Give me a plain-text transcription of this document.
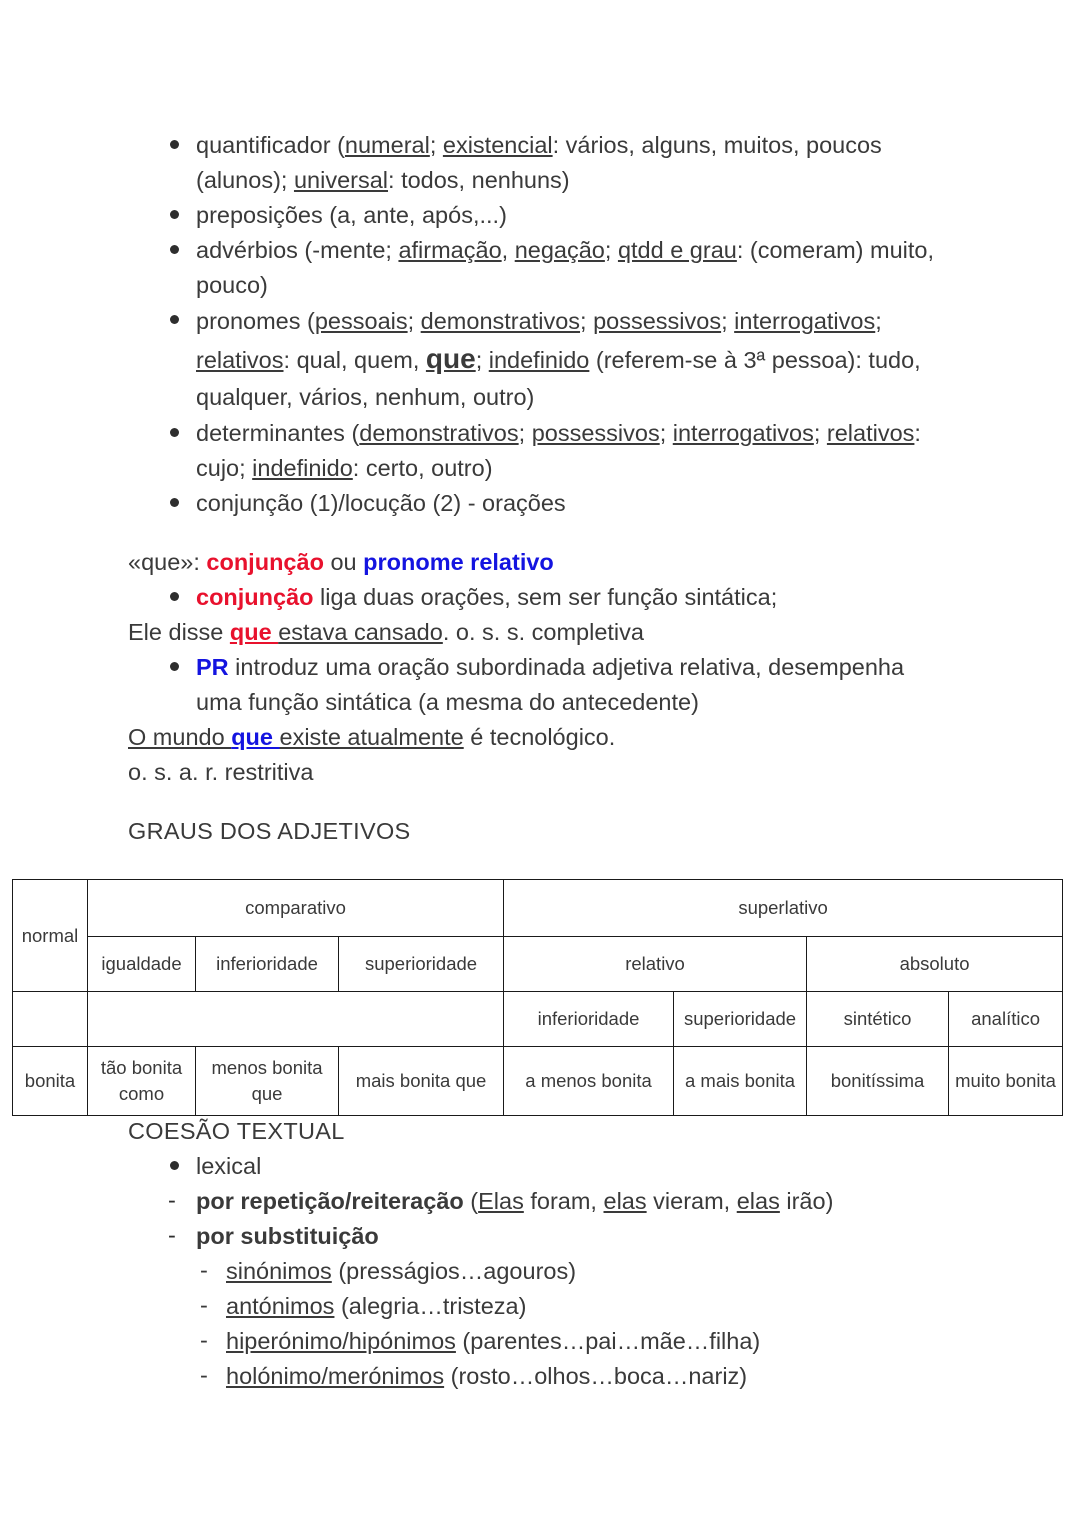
quantificador (numeral; existencial: vários, alguns, muitos, poucos (alunos); universal: todos, nenhuns)
preposições (a, ante, após,...)
advérbios (-mente; afirmação, negação; qtdd e grau: (comeram) muito, pouco)
pronomes (pessoais; demonstrativos; possessivos; interrogativos; relativos: qual, quem, que; indefinido (referem-se à 3ª pessoa): tudo, qualquer, vários, nenhum, outro)
determinantes (demonstrativos; possessivos; interrogativos; relativos: cujo; indefinido: certo, outro)
conjunção (1)/locução (2) - orações
«que»: conjunção ou pronome relativo
conjunção liga duas orações, sem ser função sintática;
Ele disse que estava cansado. o. s. s. completiva
PR introduz uma oração subordinada adjetiva relativa, desempenha uma função sintática (a mesma do antecedente)
O mundo que existe atualmente é tecnológico.
o. s. a. r. restritiva
GRAUS DOS ADJETIVOS
normal	comparativo			superlativo			
	igualdade	inferioridade	superioridade	relativo		absoluto	
				inferioridade	superioridade	sintético	analítico
bonita	tão bonita como	menos bonita que	mais bonita que	a menos bonita	a mais bonita	bonitíssima	muito bonita
COESÃO TEXTUAL
lexical
- por repetição/reiteração (Elas foram, elas vieram, elas irão)
- por substituição
- sinónimos (presságios…agouros)
- antónimos (alegria…tristeza)
- hiperónimo/hipónimos (parentes…pai…mãe…filha)
- holónimo/merónimos (rosto…olhos…boca…nariz)
